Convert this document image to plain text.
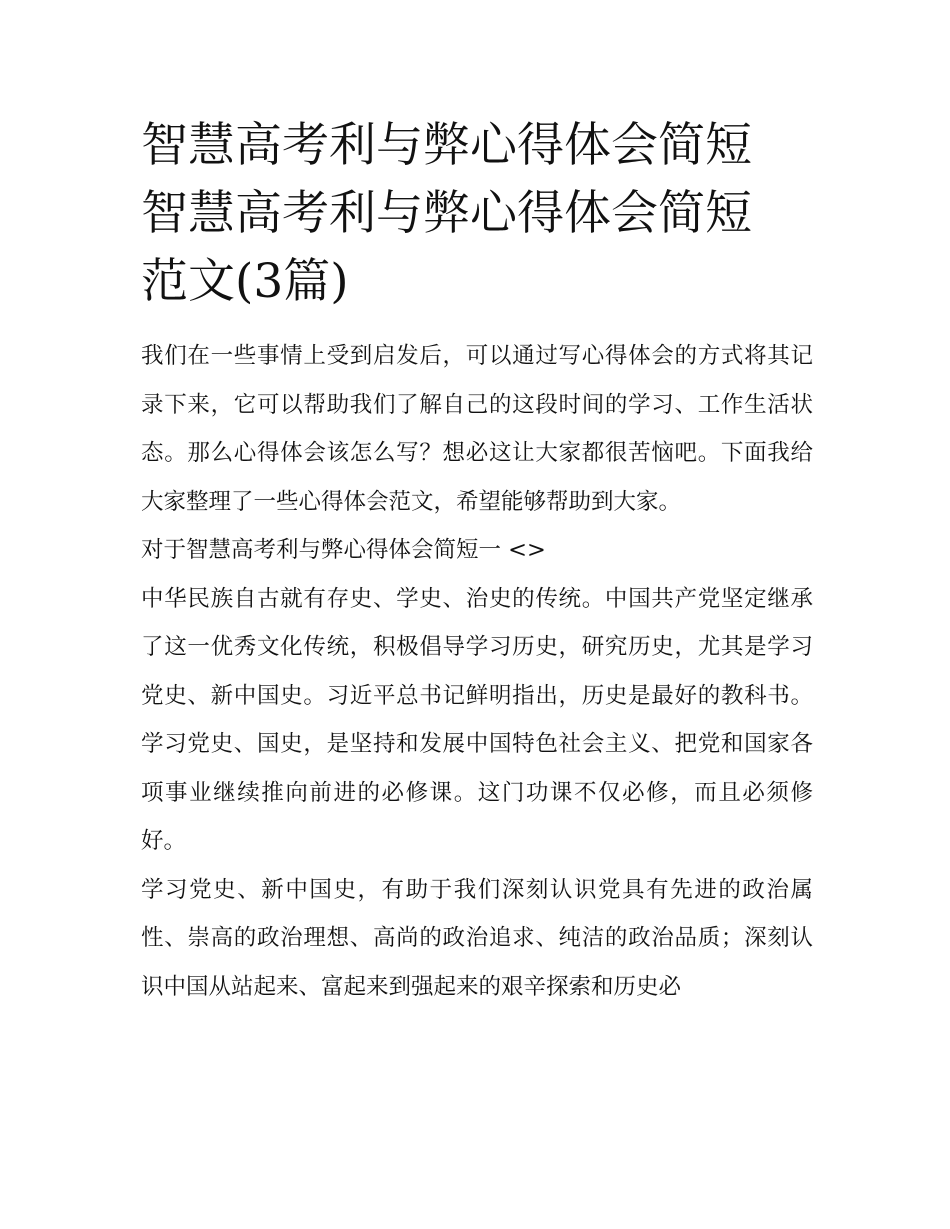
智慧高考利与弊心得体会简短
智慧高考利与弊心得体会简短
范文(3篇)

我们在一些事情上受到启发后，可以通过写心得体会的方式将其记录下来，它可以帮助我们了解自己的这段时间的学习、工作生活状态。那么心得体会该怎么写？想必这让大家都很苦恼吧。下面我给大家整理了一些心得体会范文，希望能够帮助到大家。

对于智慧高考利与弊心得体会简短一 <>

中华民族自古就有存史、学史、治史的传统。中国共产党坚定继承了这一优秀文化传统，积极倡导学习历史，研究历史，尤其是学习党史、新中国史。习近平总书记鲜明指出，历史是最好的教科书。学习党史、国史，是坚持和发展中国特色社会主义、把党和国家各项事业继续推向前进的必修课。这门功课不仅必修，而且必须修好。

学习党史、新中国史，有助于我们深刻认识党具有先进的政治属性、崇高的政治理想、高尚的政治追求、纯洁的政治品质；深刻认识中国从站起来、富起来到强起来的艰辛探索和历史必
